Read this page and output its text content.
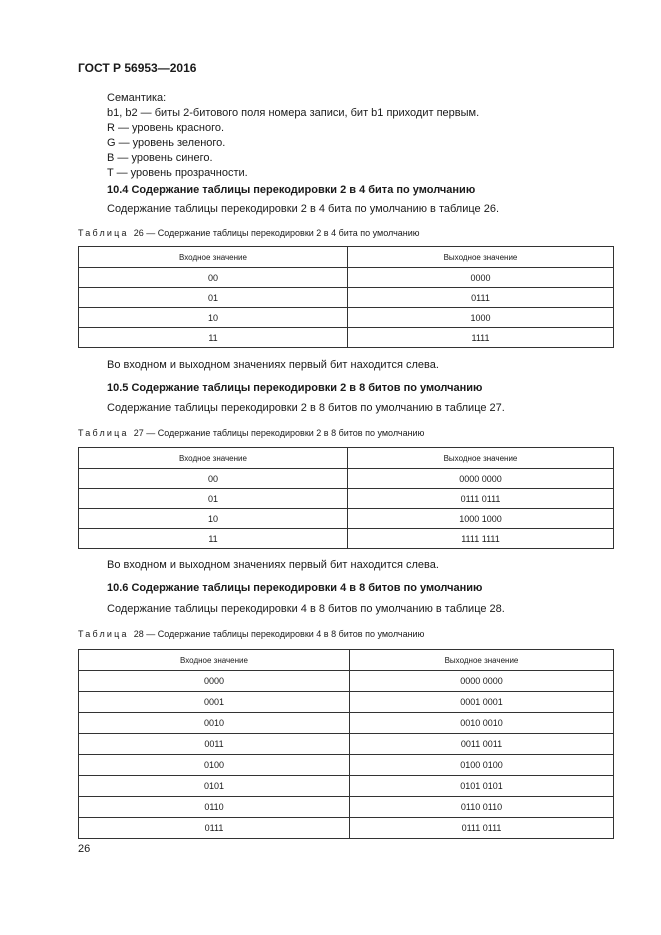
ГОСТ Р 56953—2016
Семантика:
b1, b2 — биты 2-битового поля номера записи, бит b1 приходит первым.
R — уровень красного.
G — уровень зеленого.
B — уровень синего.
T — уровень прозрачности.
10.4 Содержание таблицы перекодировки 2 в 4 бита по умолчанию
Содержание таблицы перекодировки 2 в 4 бита по умолчанию в таблице 26.
Таблица 26 — Содержание таблицы перекодировки 2 в 4 бита по умолчанию
Входное значение	Выходное значение
00	0000
01	0111
10	1000
11	1111
Во входном и выходном значениях первый бит находится слева.
10.5 Содержание таблицы перекодировки 2 в 8 битов по умолчанию
Содержание таблицы перекодировки 2 в 8 битов по умолчанию в таблице 27.
Таблица 27 — Содержание таблицы перекодировки 2 в 8 битов по умолчанию
Входное значение	Выходное значение
00	0000 0000
01	0111 0111
10	1000 1000
11	1111 1111
Во входном и выходном значениях первый бит находится слева.
10.6 Содержание таблицы перекодировки 4 в 8 битов по умолчанию
Содержание таблицы перекодировки 4 в 8 битов по умолчанию в таблице 28.
Таблица 28 — Содержание таблицы перекодировки 4 в 8 битов по умолчанию
Входное значение	Выходное значение
0000	0000 0000
0001	0001 0001
0010	0010 0010
0011	0011 0011
0100	0100 0100
0101	0101 0101
0110	0110 0110
0111	0111 0111
26
